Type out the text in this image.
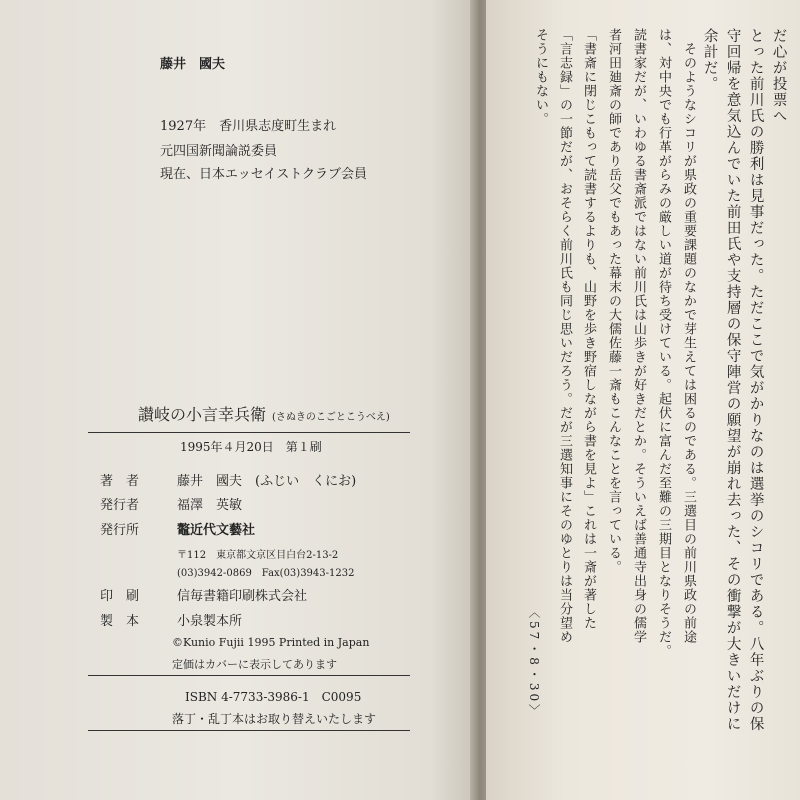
藤井　國夫
1927年　香川県志度町生まれ
元四国新聞論説委員
現在、日本エッセイストクラブ会員
讃岐の小言幸兵衛 (さぬきのこごとこうべえ)
1995年４月20日　第１刷
著　者	藤井　國夫　(ふじい　くにお)
発行者	福澤　英敏
発行所	鼇近代文藝社
〒112　東京都文京区目白台2-13-2
(03)3942-0869　Fax(03)3943-1232
印　刷	信毎書籍印刷株式会社
製　本	小泉製本所
©Kunio Fujii 1995 Printed in Japan
定価はカバーに表示してあります
ISBN 4-7733-3986-1　C0095
落丁・乱丁本はお取り替えいたします
だ心が投票へ
とった前川氏の勝利は見事だった。ただここで気がかりなのは選挙のシコリである。八年ぶりの保
守回帰を意気込んでいた前田氏や支持層の保守陣営の願望が崩れ去った、その衝撃が大きいだけに
余計だ。
　そのようなシコリが県政の重要課題のなかで芽生えては困るのである。三選目の前川県政の前途
は、対中央でも行革がらみの厳しい道が待ち受けている。起伏に富んだ至難の三期目となりそうだ。
読書家だが、いわゆる書斎派ではない前川氏は山歩きが好きだとか。そういえば善通寺出身の儒学
者河田廸斎の師であり岳父でもあった幕末の大儒佐藤一斎もこんなことを言っている。
「書斎に閉じこもって読書するよりも、山野を歩き野宿しながら書を見よ」これは一斎が著した
「言志録」の一節だが、おそらく前川氏も同じ思いだろう。だが三選知事にそのゆとりは当分望め
そうにもない。
〈57・8・30〉
